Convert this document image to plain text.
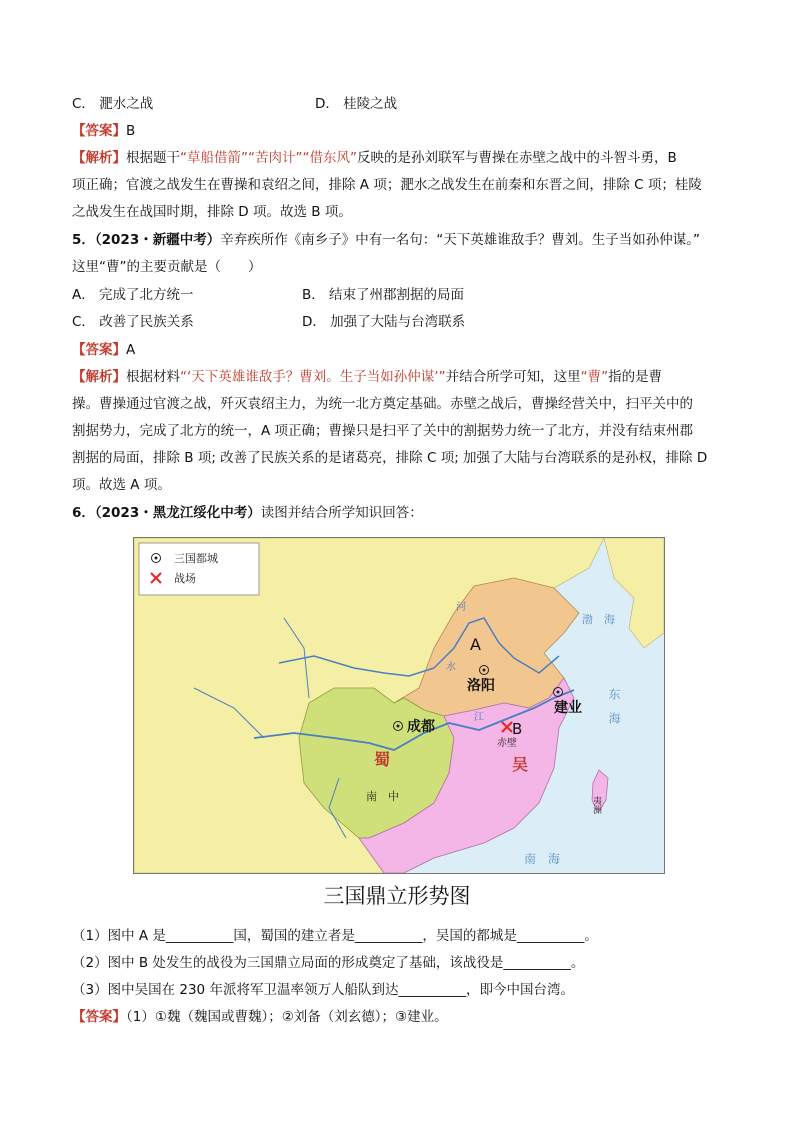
C． 淝水之战	D． 桂陵之战
【答案】B
【解析】根据题干“草船借箭”“苦肉计”“借东风”反映的是孙刘联军与曹操在赤壁之战中的斗智斗勇，B
项正确；官渡之战发生在曹操和袁绍之间，排除 A 项；淝水之战发生在前秦和东晋之间，排除 C 项；桂陵
之战发生在战国时期，排除 D 项。故选 B 项。
5．（2023・新疆中考）辛弃疾所作《南乡子》中有一名句：“天下英雄谁敌手？曹刘。生子当如孙仲谋。”
这里“曹”的主要贡献是（　　）
A． 完成了北方统一	B． 结束了州郡割据的局面
C． 改善了民族关系	D． 加强了大陆与台湾联系
【答案】A
【解析】根据材料“‘天下英雄谁敌手？曹刘。生子当如孙仲谋’”并结合所学可知，这里“曹”指的是曹
操。曹操通过官渡之战，歼灭袁绍主力，为统一北方奠定基础。赤壁之战后，曹操经营关中，扫平关中的
割据势力，完成了北方的统一，A 项正确；曹操只是扫平了关中的割据势力统一了北方，并没有结束州郡
割据的局面，排除 B 项; 改善了民族关系的是诸葛亮，排除 C 项; 加强了大陆与台湾联系的是孙权，排除 D
项。故选 A 项。
6．（2023・黑龙江绥化中考）读图并结合所学知识回答：
三国都城
战场
A
洛阳
成都
建业
B
赤壁
蜀	吴
南　中	夷洲
渤　海
东　海
南　海
河
水
江
三国鼎立形势图
（1）图中 A 是__________国，蜀国的建立者是__________，吴国的都城是__________。
（2）图中 B 处发生的战役为三国鼎立局面的形成奠定了基础，该战役是__________。
（3）图中吴国在 230 年派将军卫温率领万人船队到达__________，即今中国台湾。
【答案】（1）①魏（魏国或曹魏）；②刘备（刘玄德）；③建业。
